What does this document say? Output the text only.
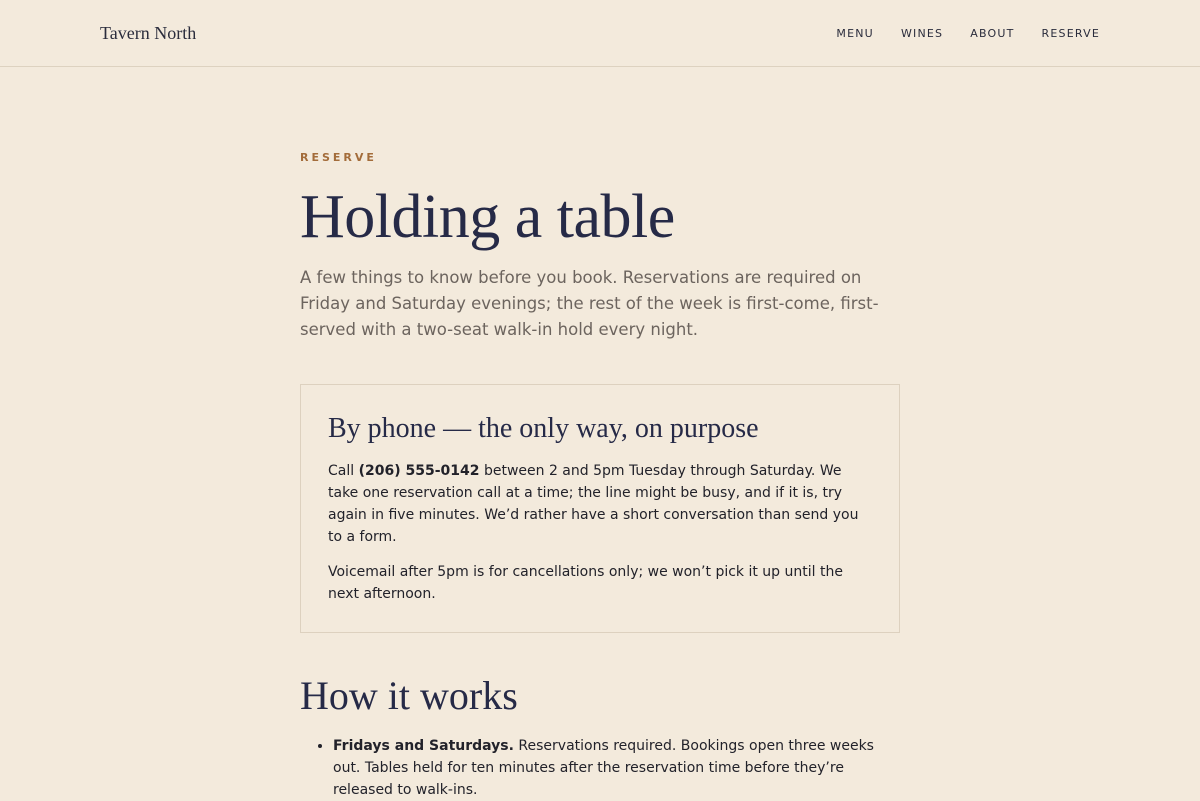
Tavern North	MENU WINES ABOUT RESERVE

RESERVE

Holding a table

A few things to know before you book. Reservations are required on Friday and Saturday evenings; the rest of the week is first-come, first-served with a two-seat walk-in hold every night.

By phone — the only way, on purpose

Call (206) 555-0142 between 2 and 5pm Tuesday through Saturday. We take one reservation call at a time; the line might be busy, and if it is, try again in five minutes. We’d rather have a short conversation than send you to a form.

Voicemail after 5pm is for cancellations only; we won’t pick it up until the next afternoon.

How it works
• Fridays and Saturdays. Reservations required. Bookings open three weeks out. Tables held for ten minutes after the reservation time before they’re released to walk-ins.
